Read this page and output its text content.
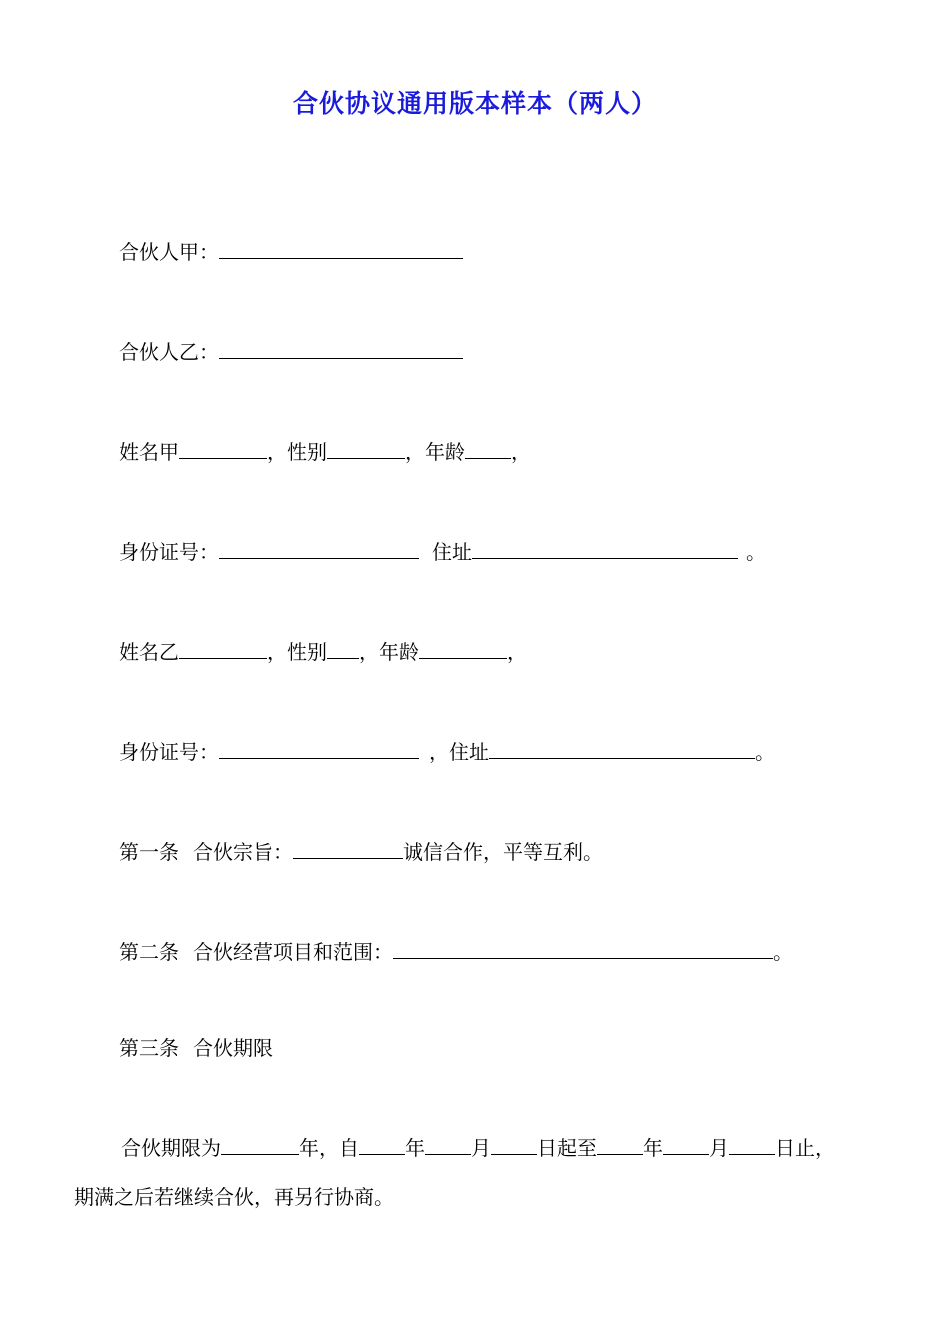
合伙协议通用版本样本（两人）
合伙人甲：
合伙人乙：
姓名甲	，性别	，年龄 ，
身份证号：	住址	。
姓名乙	，性别 ，年龄	，
身份证号：	，住址	。
第一条 合伙宗旨：	诚信合作，平等互利。
第二条 合伙经营项目和范围：	。
第三条 合伙期限
合伙期限为	年，自 年 月 日起至 年 月 日止，
期满之后若继续合伙，再另行协商。
